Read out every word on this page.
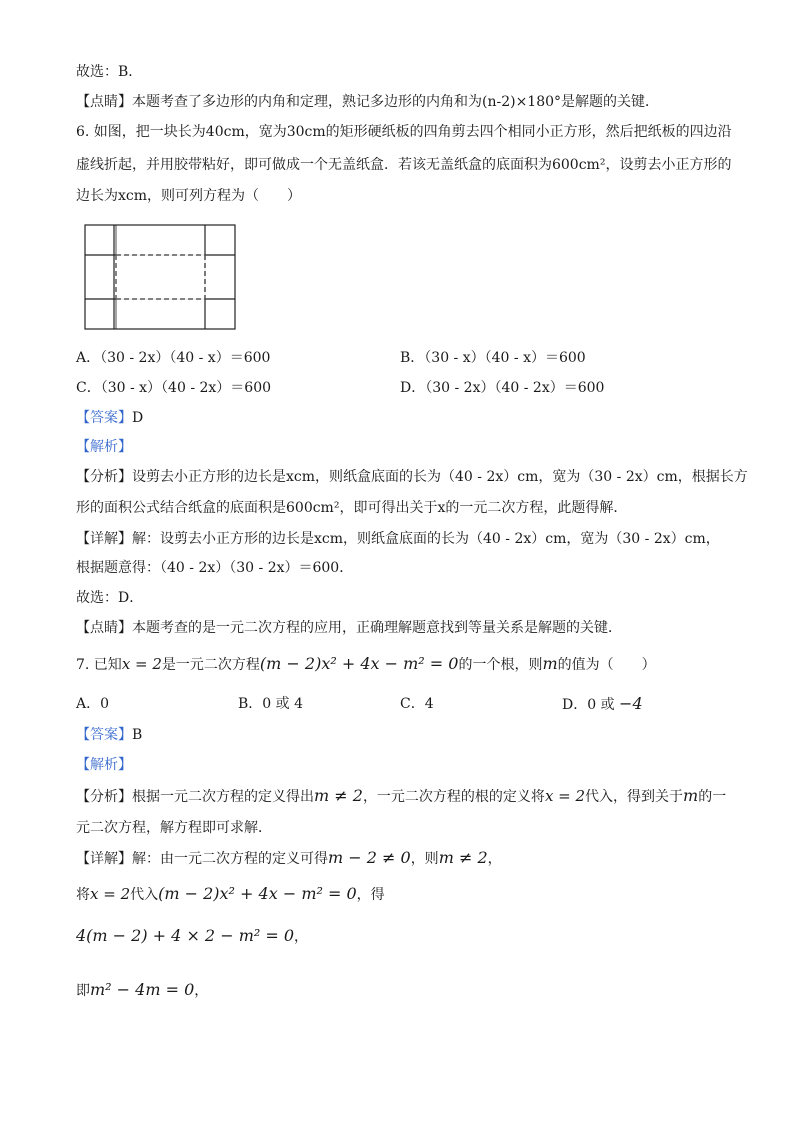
故选：B．
【点睛】本题考查了多边形的内角和定理，熟记多边形的内角和为(n-2)×180°是解题的关键．
6. 如图，把一块长为40cm，宽为30cm的矩形硬纸板的四角剪去四个相同小正方形，然后把纸板的四边沿
虚线折起，并用胶带粘好，即可做成一个无盖纸盒．若该无盖纸盒的底面积为600cm²，设剪去小正方形的
边长为xcm，则可列方程为（　　）
A．（30 - 2x）（40 - x）＝600	B．（30 - x）（40 - x）＝600
C．（30 - x）（40 - 2x）＝600	D．（30 - 2x）（40 - 2x）＝600
【答案】D
【解析】
【分析】设剪去小正方形的边长是xcm，则纸盒底面的长为（40 - 2x）cm，宽为（30 - 2x）cm，根据长方
形的面积公式结合纸盒的底面积是600cm²，即可得出关于x的一元二次方程，此题得解．
【详解】解：设剪去小正方形的边长是xcm，则纸盒底面的长为（40 - 2x）cm，宽为（30 - 2x）cm，
根据题意得：（40 - 2x）（30 - 2x）＝600．
故选：D．
【点睛】本题考查的是一元二次方程的应用，正确理解题意找到等量关系是解题的关键．
7. 已知x = 2是一元二次方程(m − 2)x² + 4x − m² = 0的一个根，则m的值为（　　）
A．0	B．0 或 4	C．4	D．0 或 −4
【答案】B
【解析】
【分析】根据一元二次方程的定义得出m ≠ 2，一元二次方程的根的定义将x = 2代入，得到关于m的一
元二次方程，解方程即可求解．
【详解】解：由一元二次方程的定义可得m − 2 ≠ 0，则m ≠ 2，
将x = 2代入(m − 2)x² + 4x − m² = 0，得
4(m − 2) + 4 × 2 − m² = 0，
即m² − 4m = 0，
